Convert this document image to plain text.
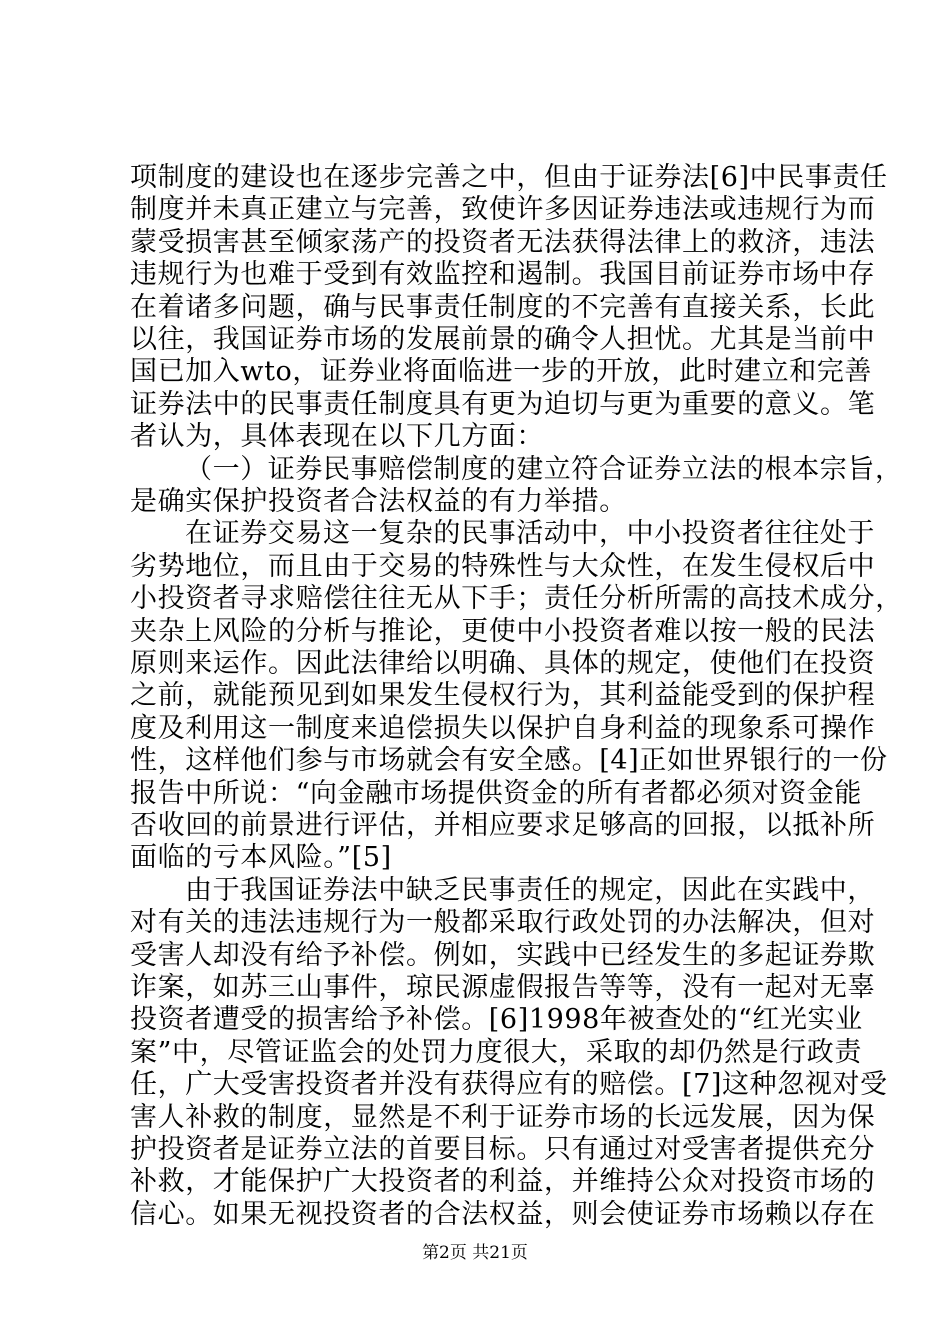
项制度的建设也在逐步完善之中，但由于证券法[6]中民事责任
制度并未真正建立与完善，致使许多因证券违法或违规行为而
蒙受损害甚至倾家荡产的投资者无法获得法律上的救济，违法
违规行为也难于受到有效监控和遏制。我国目前证券市场中存
在着诸多问题，确与民事责任制度的不完善有直接关系，长此
以往，我国证券市场的发展前景的确令人担忧。尤其是当前中
国已加入wto，证券业将面临进一步的开放，此时建立和完善
证券法中的民事责任制度具有更为迫切与更为重要的意义。笔
者认为，具体表现在以下几方面：
（一）证券民事赔偿制度的建立符合证券立法的根本宗旨，
是确实保护投资者合法权益的有力举措。
在证券交易这一复杂的民事活动中，中小投资者往往处于
劣势地位，而且由于交易的特殊性与大众性，在发生侵权后中
小投资者寻求赔偿往往无从下手；责任分析所需的高技术成分，
夹杂上风险的分析与推论，更使中小投资者难以按一般的民法
原则来运作。因此法律给以明确、具体的规定，使他们在投资
之前，就能预见到如果发生侵权行为，其利益能受到的保护程
度及利用这一制度来追偿损失以保护自身利益的现象系可操作
性，这样他们参与市场就会有安全感。[4]正如世界银行的一份
报告中所说：“向金融市场提供资金的所有者都必须对资金能
否收回的前景进行评估，并相应要求足够高的回报，以抵补所
面临的亏本风险。”[5]
由于我国证券法中缺乏民事责任的规定，因此在实践中，
对有关的违法违规行为一般都采取行政处罚的办法解决，但对
受害人却没有给予补偿。例如，实践中已经发生的多起证券欺
诈案，如苏三山事件，琼民源虚假报告等等，没有一起对无辜
投资者遭受的损害给予补偿。[6]1998年被查处的“红光实业
案”中，尽管证监会的处罚力度很大，采取的却仍然是行政责
任，广大受害投资者并没有获得应有的赔偿。[7]这种忽视对受
害人补救的制度，显然是不利于证券市场的长远发展，因为保
护投资者是证券立法的首要目标。只有通过对受害者提供充分
补救，才能保护广大投资者的利益，并维持公众对投资市场的
信心。如果无视投资者的合法权益，则会使证券市场赖以存在
第2页 共21页
